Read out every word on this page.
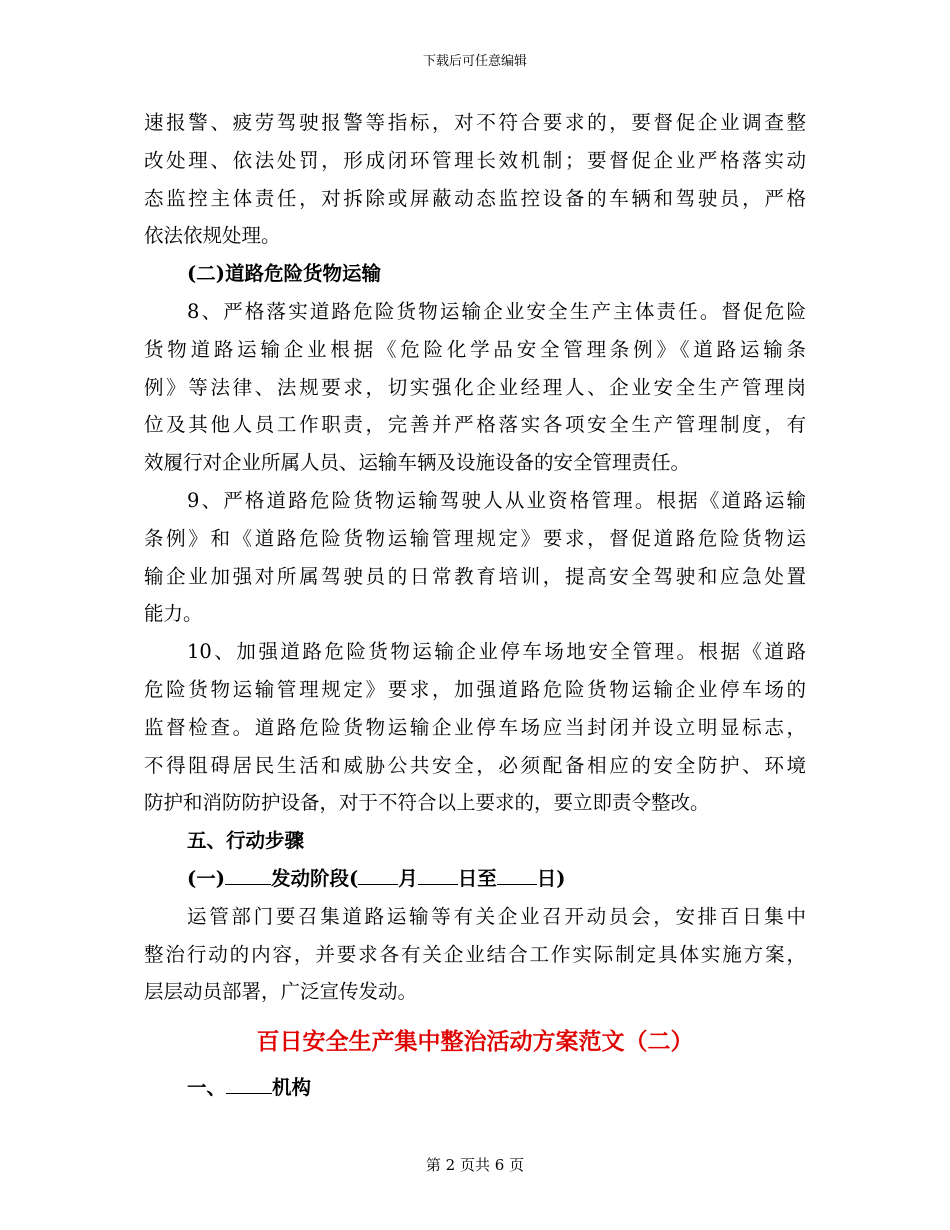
下载后可任意编辑
速报警、疲劳驾驶报警等指标，对不符合要求的，要督促企业调查整
改处理、依法处罚，形成闭环管理长效机制；要督促企业严格落实动
态监控主体责任，对拆除或屏蔽动态监控设备的车辆和驾驶员，严格
依法依规处理。
(二)道路危险货物运输
8、严格落实道路危险货物运输企业安全生产主体责任。督促危险
货物道路运输企业根据《危险化学品安全管理条例》《道路运输条
例》等法律、法规要求，切实强化企业经理人、企业安全生产管理岗
位及其他人员工作职责，完善并严格落实各项安全生产管理制度，有
效履行对企业所属人员、运输车辆及设施设备的安全管理责任。
9、严格道路危险货物运输驾驶人从业资格管理。根据《道路运输
条例》和《道路危险货物运输管理规定》要求，督促道路危险货物运
输企业加强对所属驾驶员的日常教育培训，提高安全驾驶和应急处置
能力。
10、加强道路危险货物运输企业停车场地安全管理。根据《道路
危险货物运输管理规定》要求，加强道路危险货物运输企业停车场的
监督检查。道路危险货物运输企业停车场应当封闭并设立明显标志，
不得阻碍居民生活和威胁公共安全，必须配备相应的安全防护、环境
防护和消防防护设备，对于不符合以上要求的，要立即责令整改。
五、行动步骤
(一) 发动阶段( 月 日至 日)
运管部门要召集道路运输等有关企业召开动员会，安排百日集中
整治行动的内容，并要求各有关企业结合工作实际制定具体实施方案，
层层动员部署，广泛宣传发动。
百日安全生产集中整治活动方案范文（二）
一、 机构
第 2 页共 6 页
